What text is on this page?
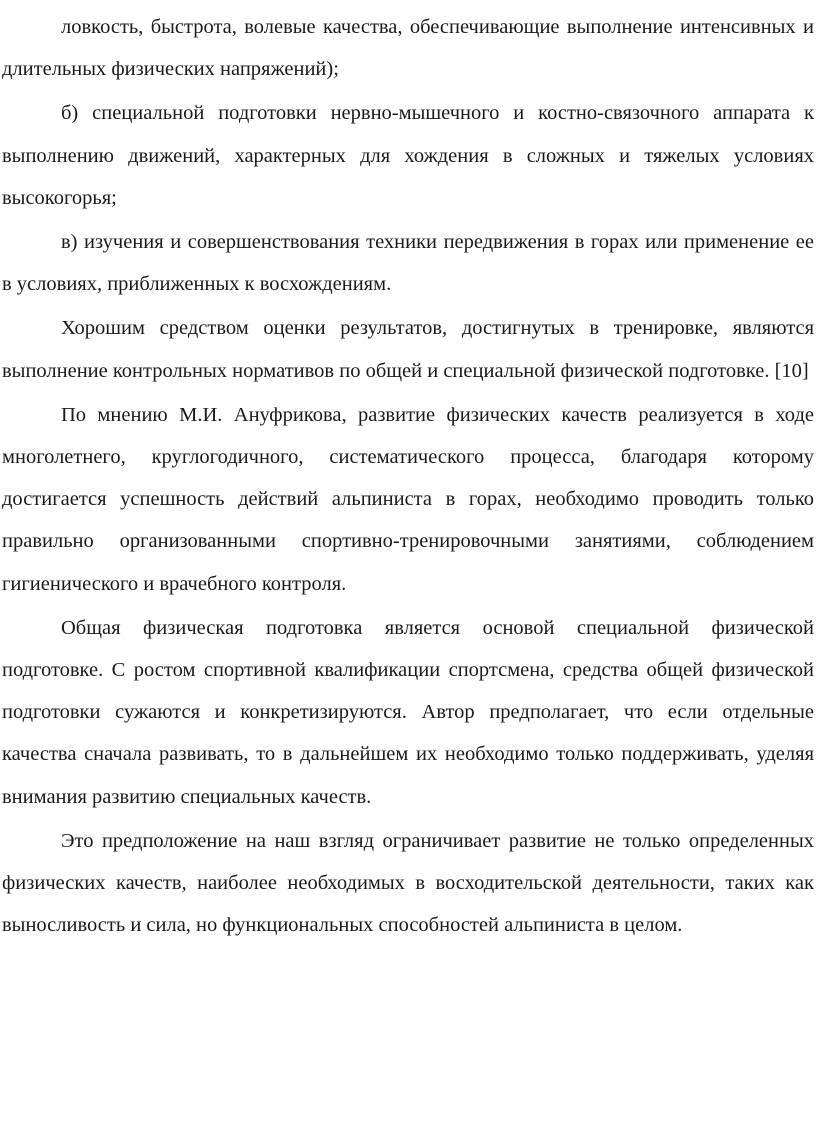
ловкость, быстрота, волевые качества, обеспечивающие выполнение интенсивных и длительных физических напряжений);

б) специальной подготовки нервно-мышечного и костно-связочного аппарата к выполнению движений, характерных для хождения в сложных и тяжелых условиях высокогорья;

в) изучения и совершенствования техники передвижения в горах или применение ее в условиях, приближенных к восхождениям.

Хорошим средством оценки результатов, достигнутых в тренировке, являются выполнение контрольных нормативов по общей и специальной физической подготовке. [10]

По мнению М.И. Ануфрикова, развитие физических качеств реализуется в ходе многолетнего, круглогодичного, систематического процесса, благодаря которому достигается успешность действий альпиниста в горах, необходимо проводить только правильно организованными спортивно-тренировочными занятиями, соблюдением гигиенического и врачебного контроля.

Общая физическая подготовка является основой специальной физической подготовке. С ростом спортивной квалификации спортсмена, средства общей физической подготовки сужаются и конкретизируются. Автор предполагает, что если отдельные качества сначала развивать, то в дальнейшем их необходимо только поддерживать, уделяя внимания развитию специальных качеств.

Это предположение на наш взгляд ограничивает развитие не только определенных физических качеств, наиболее необходимых в восходительской деятельности, таких как выносливость и сила, но функциональных способностей альпиниста в целом.
